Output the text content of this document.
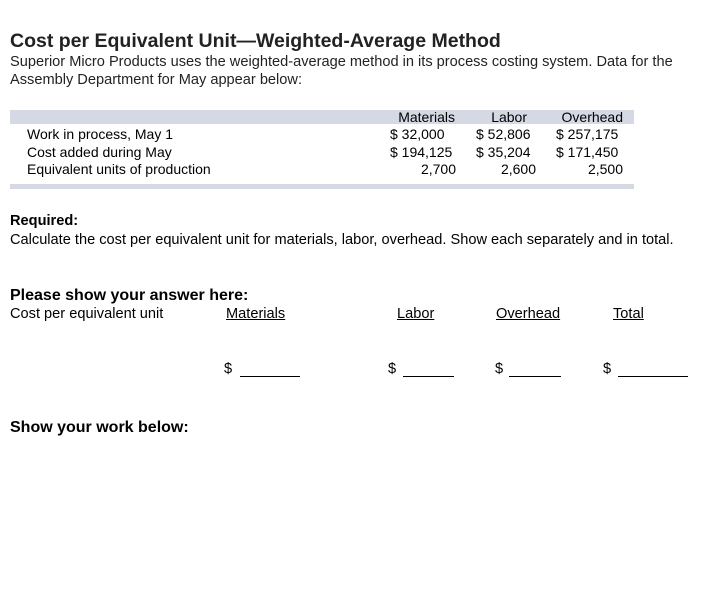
Cost per Equivalent Unit—Weighted-Average Method
Superior Micro Products uses the weighted-average method in its process costing system. Data for the Assembly Department for May appear below:
Materials	Labor	Overhead
Work in process, May 1	$ 32,000 $ 52,806 $ 257,175
Cost added during May	$ 194,125 $ 35,204 $ 171,450
Equivalent units of production	2,700	2,600	2,500
Required:
Calculate the cost per equivalent unit for materials, labor, overhead. Show each separately and in total.
Please show your answer here:
Cost per equivalent unit	Materials	Labor	Overhead	Total
$	$	$	$
Show your work below:
